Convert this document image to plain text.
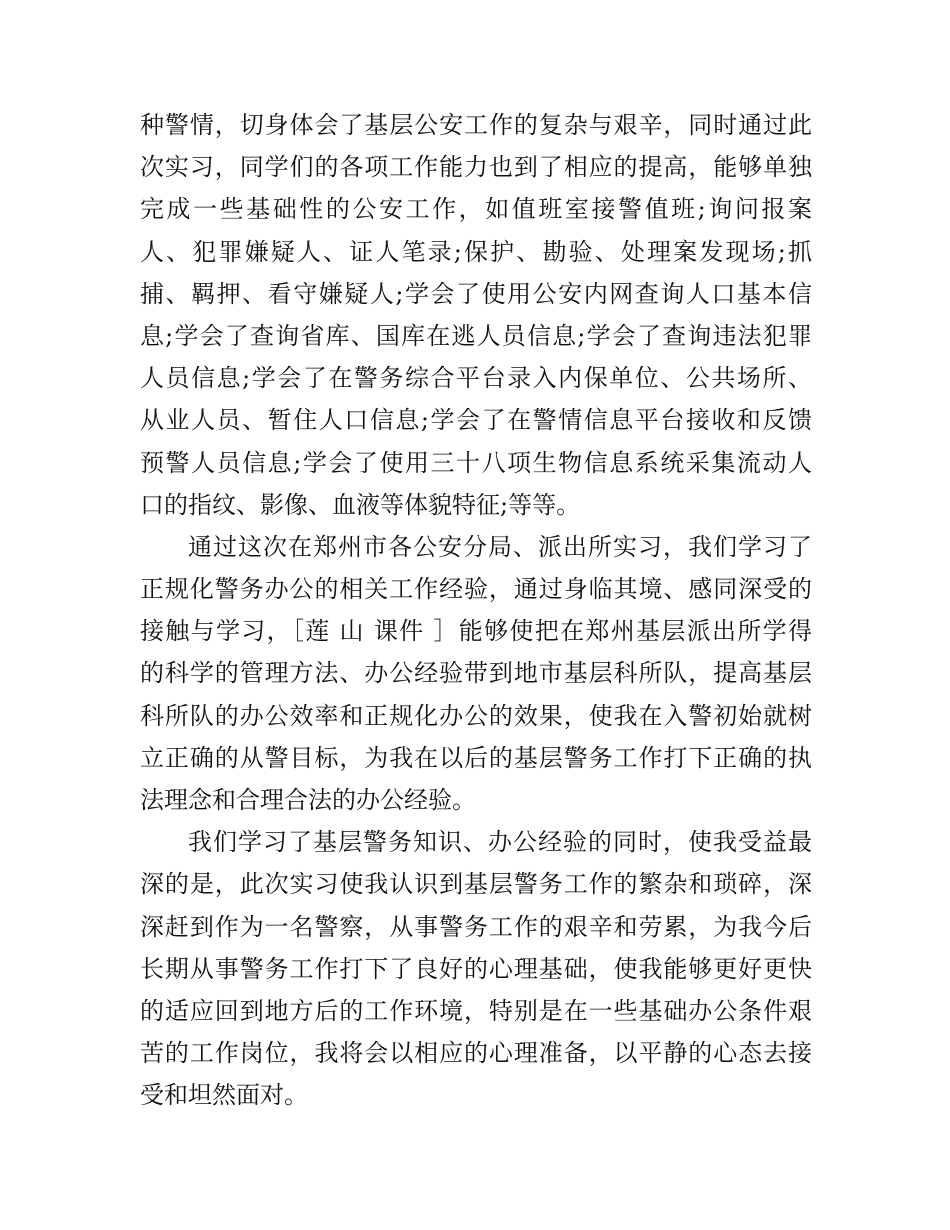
种警情，切身体会了基层公安工作的复杂与艰辛，同时通过此
次实习，同学们的各项工作能力也到了相应的提高，能够单独
完成一些基础性的公安工作，如值班室接警值班;询问报案
人、犯罪嫌疑人、证人笔录;保护、勘验、处理案发现场;抓
捕、羁押、看守嫌疑人;学会了使用公安内网查询人口基本信
息;学会了查询省库、国库在逃人员信息;学会了查询违法犯罪
人员信息;学会了在警务综合平台录入内保单位、公共场所、
从业人员、暂住人口信息;学会了在警情信息平台接收和反馈
预警人员信息;学会了使用三十八项生物信息系统采集流动人
口的指纹、影像、血液等体貌特征;等等。
通过这次在郑州市各公安分局、派出所实习，我们学习了
正规化警务办公的相关工作经验，通过身临其境、感同深受的
接触与学习，［莲 山 课件 ］能够使把在郑州基层派出所学得
的科学的管理方法、办公经验带到地市基层科所队，提高基层
科所队的办公效率和正规化办公的效果，使我在入警初始就树
立正确的从警目标，为我在以后的基层警务工作打下正确的执
法理念和合理合法的办公经验。
我们学习了基层警务知识、办公经验的同时，使我受益最
深的是，此次实习使我认识到基层警务工作的繁杂和琐碎，深
深赶到作为一名警察，从事警务工作的艰辛和劳累，为我今后
长期从事警务工作打下了良好的心理基础，使我能够更好更快
的适应回到地方后的工作环境，特别是在一些基础办公条件艰
苦的工作岗位，我将会以相应的心理准备，以平静的心态去接
受和坦然面对。
